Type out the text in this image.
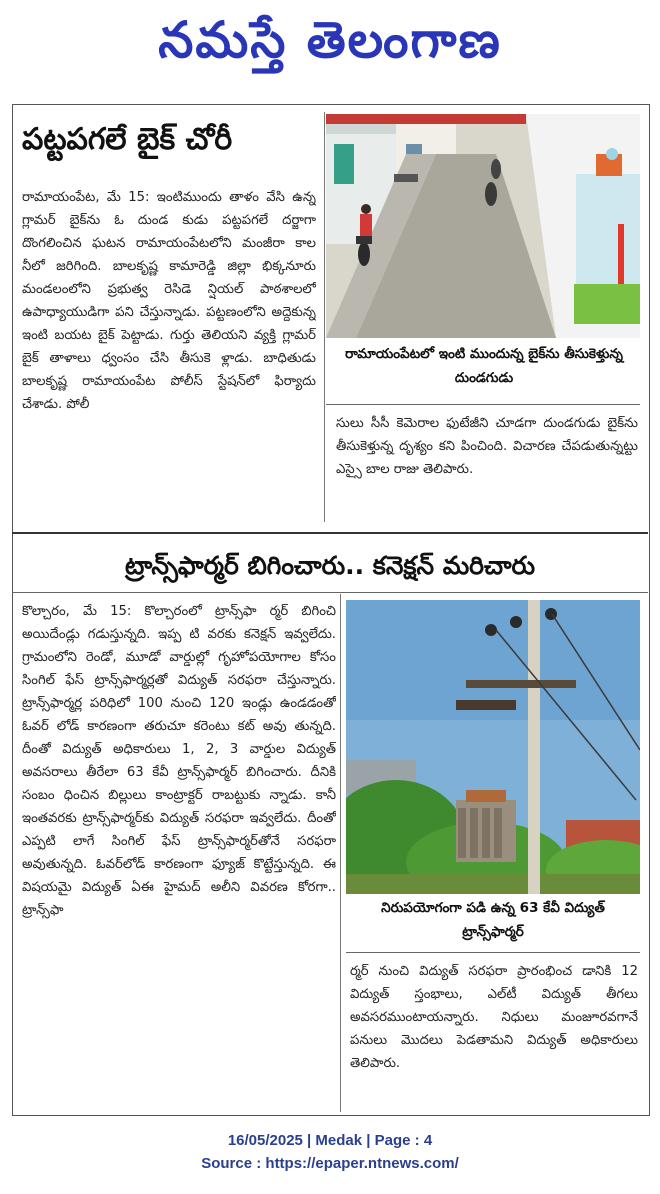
నమస్తే తెలంగాణ
పట్టపగలే బైక్ చోరీ
రామాయంపేట, మే 15: ఇంటిముందు తాళం వేసి ఉన్న గ్లామర్ బైక్‌ను ఓ దుండ కుడు పట్టపగలే దర్జాగా దొంగలించిన ఘటన రామాయంపేటలోని మంజీరా కాల నీలో జరిగింది. బాలకృష్ణ కామారెడ్డి జిల్లా భిక్కనూరు మండలంలోని ప్రభుత్వ రెసిడె న్షియల్ పాఠశాలలో ఉపాధ్యాయుడిగా పని చేస్తున్నాడు. పట్టణంలోని అద్దెకున్న ఇంటి బయట బైక్ పెట్టాడు. గుర్తు తెలియని వ్యక్తి గ్లామర్ బైక్ తాళాలు ధ్వంసం చేసి తీసుకె ళ్లాడు. బాధితుడు బాలకృష్ణ రామాయంపేట పోలీస్ స్టేషన్‌లో ఫిర్యాదు చేశాడు. పోలీ
రామాయంపేటలో ఇంటి ముందున్న బైక్‌ను తీసుకెళ్తున్న దుండగుడు
సులు సీసీ కెమెరాల ఫుటేజీని చూడగా దుండగుడు బైక్‌ను తీసుకెళ్తున్న దృశ్యం కని పించింది. విచారణ చేపడుతున్నట్టు ఎస్సై బాల రాజు తెలిపారు.
ట్రాన్స్‌ఫార్మర్ బిగించారు.. కనెక్షన్ మరిచారు
కొల్చారం, మే 15: కొల్చారంలో ట్రాన్స్‌ఫా ర్మర్ బిగించి అయిదేండ్లు గడుస్తున్నది. ఇప్ప టి వరకు కనెక్షన్ ఇవ్వలేదు. గ్రామంలోని రెండో, మూడో వార్డుల్లో గృహోపయోగాల కోసం సింగిల్ ఫేస్ ట్రాన్స్‌ఫార్మర్లతో విద్యుత్ సరఫరా చేస్తున్నారు. ట్రాన్స్‌ఫార్మర్ల పరిధిలో 100 నుంచి 120 ఇండ్లు ఉండడంతో ఓవర్ లోడ్ కారణంగా తరుచూ కరెంటు కట్ అవు తున్నది. దీంతో విద్యుత్ అధికారులు 1, 2, 3 వార్డుల విద్యుత్ అవసరాలు తీరేలా 63 కేవీ ట్రాన్స్‌ఫార్మర్ బిగించారు. దీనికి సంబం ధించిన బిల్లులు కాంట్రాక్టర్ రాబట్టుకు న్నాడు. కానీ ఇంతవరకు ట్రాన్స్‌ఫార్మర్‌కు విద్యుత్ సరఫరా ఇవ్వలేదు. దీంతో ఎప్పటి లాగే సింగిల్ ఫేస్ ట్రాన్స్‌ఫార్మర్‌తోనే సరఫరా అవుతున్నది. ఓవర్‌లోడ్ కారణంగా ఫ్యూజ్ కొట్టేస్తున్నది. ఈ విషయమై విద్యుత్ ఏఈ హైమద్ అలీని వివరణ కోరగా.. ట్రాన్స్‌ఫా	నిరుపయోగంగా పడి ఉన్న 63 కేవీ విద్యుత్ ట్రాన్స్‌ఫార్మర్
ర్మర్ నుంచి విద్యుత్ సరఫరా ప్రారంభించ డానికి 12 విద్యుత్ స్తంభాలు, ఎల్‌టీ విద్యుత్ తీగలు అవసరముంటాయన్నారు. నిధులు మంజూరవగానే పనులు మొదలు పెడతామని విద్యుత్ అధికారులు తెలిపారు.
16/05/2025 | Medak | Page : 4
Source : https://epaper.ntnews.com/
